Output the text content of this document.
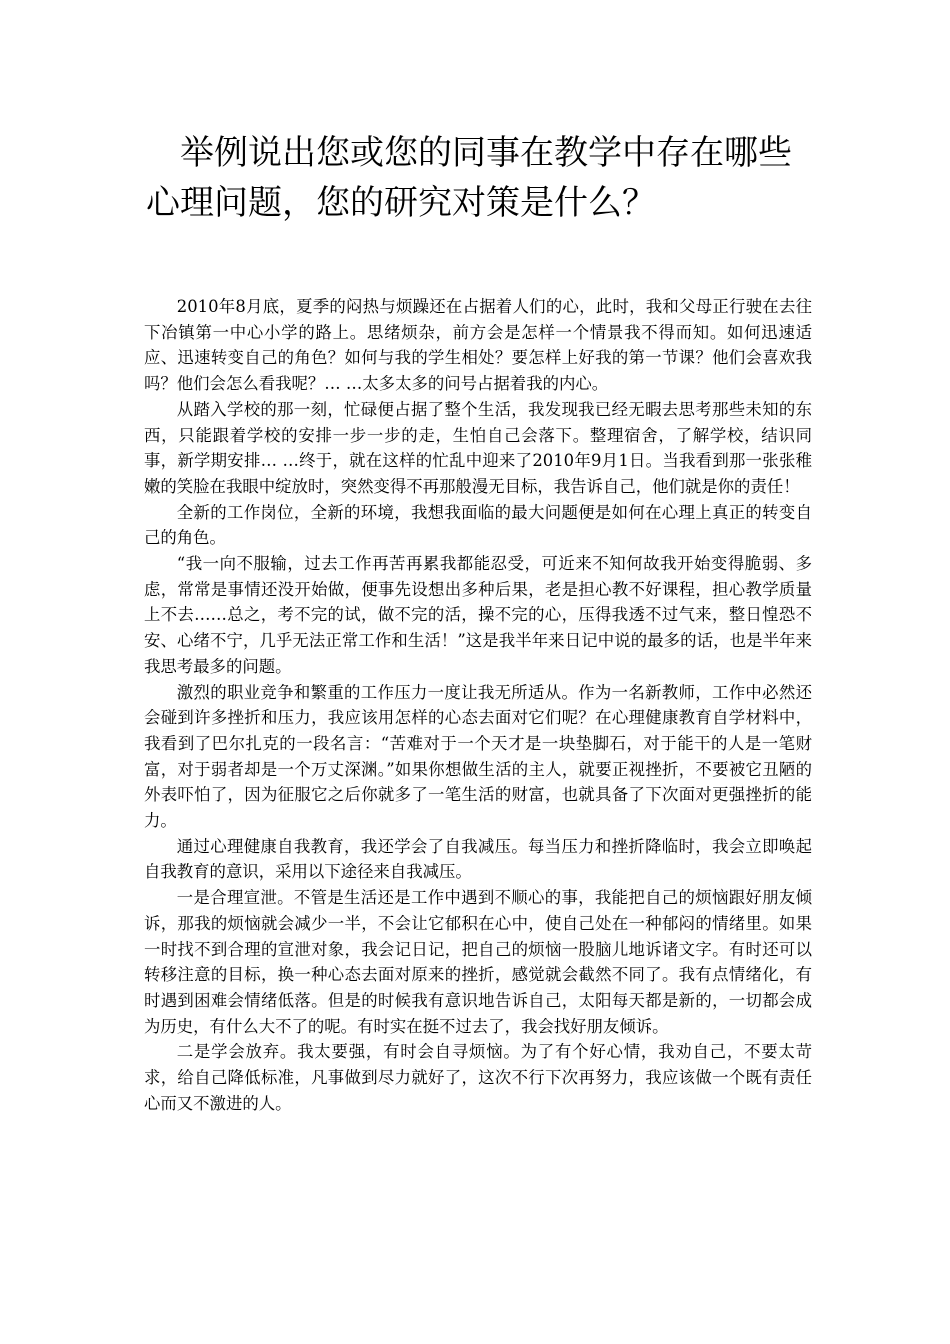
举例说出您或您的同事在教学中存在哪些心理问题，您的研究对策是什么？

2010年8月底，夏季的闷热与烦躁还在占据着人们的心，此时，我和父母正行驶在去往下冶镇第一中心小学的路上。思绪烦杂，前方会是怎样一个情景我不得而知。如何迅速适应、迅速转变自己的角色？如何与我的学生相处？要怎样上好我的第一节课？他们会喜欢我吗？他们会怎么看我呢？… …太多太多的问号占据着我的内心。

从踏入学校的那一刻，忙碌便占据了整个生活，我发现我已经无暇去思考那些未知的东西，只能跟着学校的安排一步一步的走，生怕自己会落下。整理宿舍，了解学校，结识同事，新学期安排… …终于，就在这样的忙乱中迎来了2010年9月1日。当我看到那一张张稚嫩的笑脸在我眼中绽放时，突然变得不再那般漫无目标，我告诉自己，他们就是你的责任！

全新的工作岗位，全新的环境，我想我面临的最大问题便是如何在心理上真正的转变自己的角色。

“我一向不服输，过去工作再苦再累我都能忍受，可近来不知何故我开始变得脆弱、多虑，常常是事情还没开始做，便事先设想出多种后果，老是担心教不好课程，担心教学质量上不去……总之，考不完的试，做不完的活，操不完的心，压得我透不过气来，整日惶恐不安、心绪不宁，几乎无法正常工作和生活！”这是我半年来日记中说的最多的话，也是半年来我思考最多的问题。

激烈的职业竞争和繁重的工作压力一度让我无所适从。作为一名新教师，工作中必然还会碰到许多挫折和压力，我应该用怎样的心态去面对它们呢？在心理健康教育自学材料中，我看到了巴尔扎克的一段名言：“苦难对于一个天才是一块垫脚石，对于能干的人是一笔财富，对于弱者却是一个万丈深渊。”如果你想做生活的主人，就要正视挫折，不要被它丑陋的外表吓怕了，因为征服它之后你就多了一笔生活的财富，也就具备了下次面对更强挫折的能力。

通过心理健康自我教育，我还学会了自我减压。每当压力和挫折降临时，我会立即唤起自我教育的意识，采用以下途径来自我减压。

一是合理宣泄。不管是生活还是工作中遇到不顺心的事，我能把自己的烦恼跟好朋友倾诉，那我的烦恼就会减少一半，不会让它郁积在心中，使自己处在一种郁闷的情绪里。如果一时找不到合理的宣泄对象，我会记日记，把自己的烦恼一股脑儿地诉诸文字。有时还可以转移注意的目标，换一种心态去面对原来的挫折，感觉就会截然不同了。我有点情绪化，有时遇到困难会情绪低落。但是的时候我有意识地告诉自己，太阳每天都是新的，一切都会成为历史，有什么大不了的呢。有时实在挺不过去了，我会找好朋友倾诉。

二是学会放弃。我太要强，有时会自寻烦恼。为了有个好心情，我劝自己，不要太苛求，给自己降低标准，凡事做到尽力就好了，这次不行下次再努力，我应该做一个既有责任心而又不激进的人。
